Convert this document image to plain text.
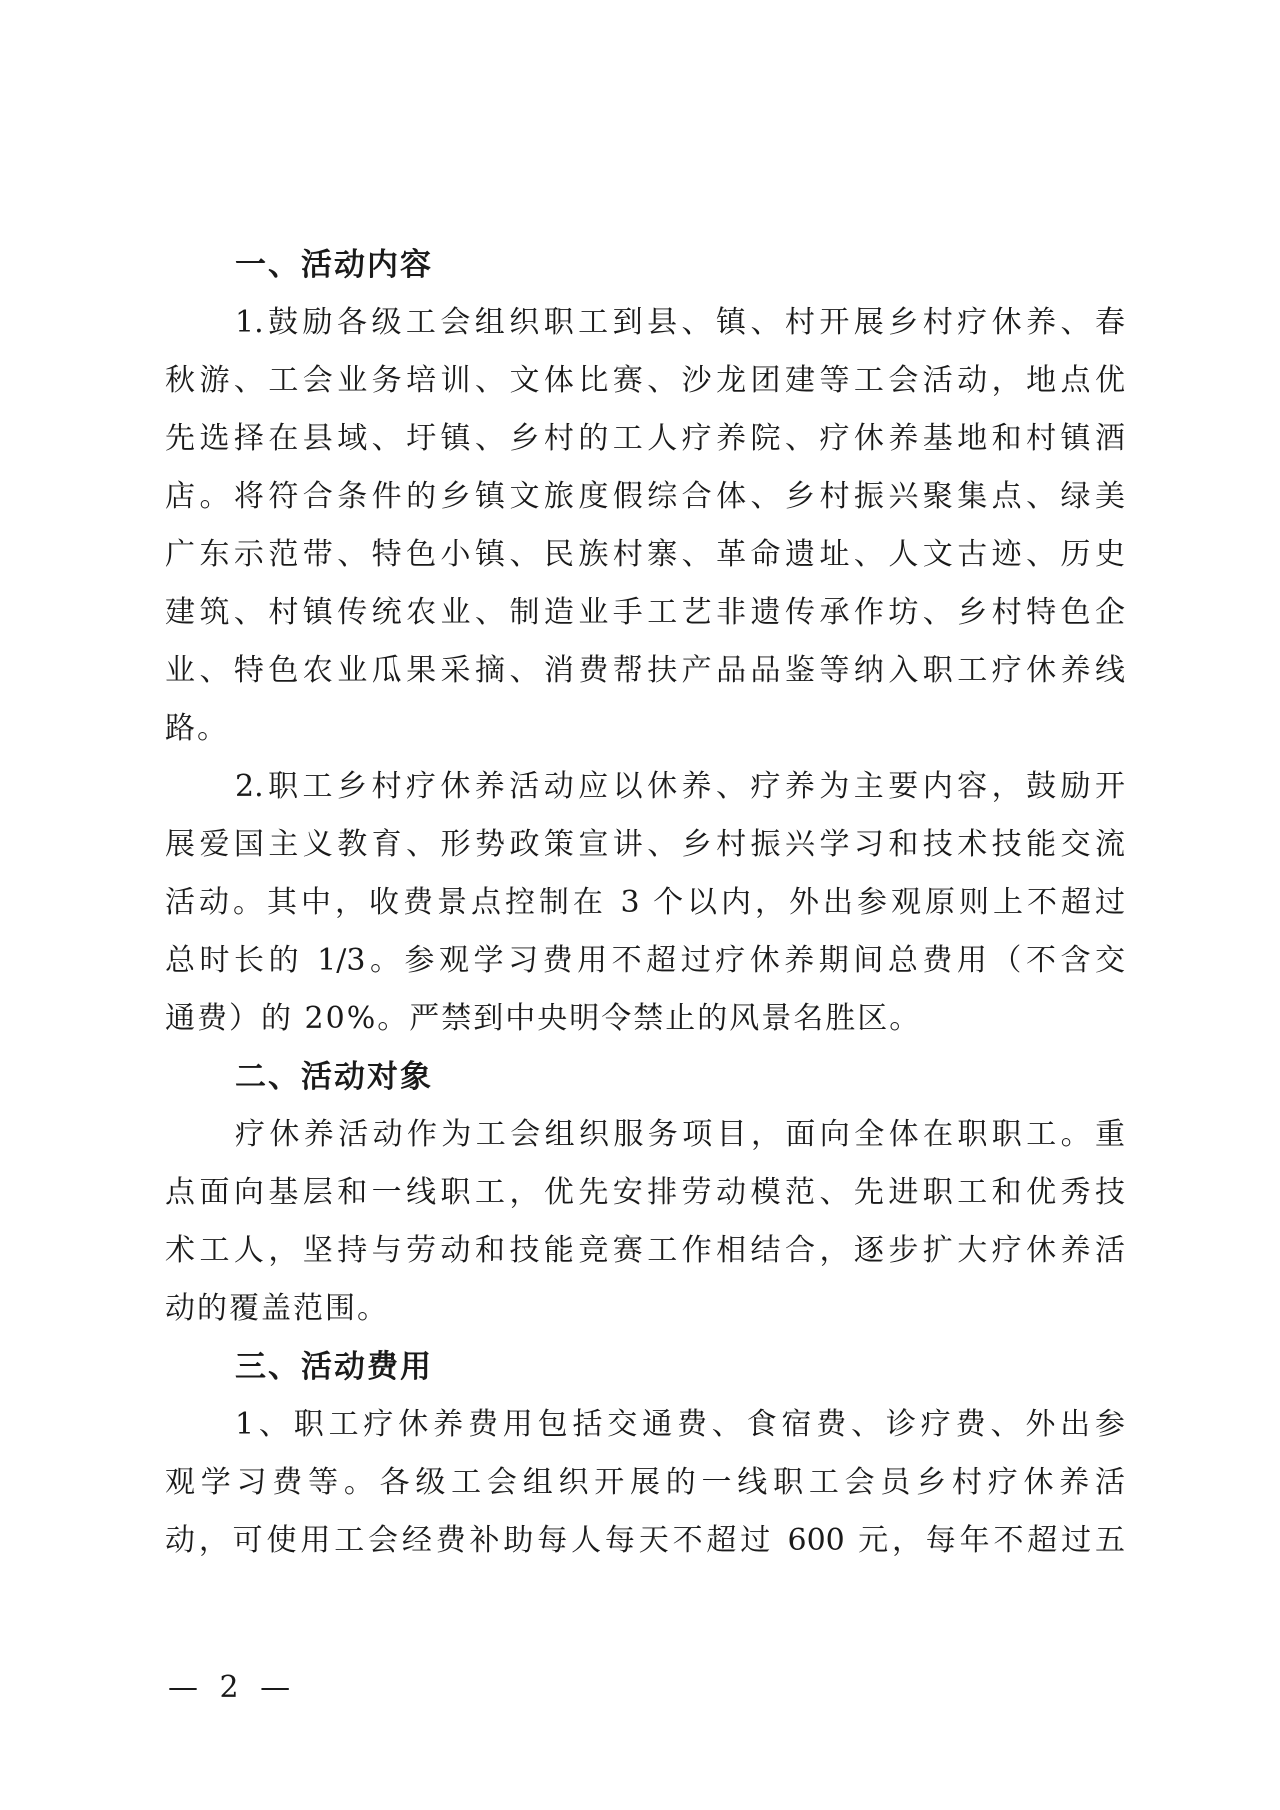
一、活动内容
1.鼓励各级工会组织职工到县、镇、村开展乡村疗休养、春
秋游、工会业务培训、文体比赛、沙龙团建等工会活动，地点优
先选择在县域、圩镇、乡村的工人疗养院、疗休养基地和村镇酒
店。将符合条件的乡镇文旅度假综合体、乡村振兴聚集点、绿美
广东示范带、特色小镇、民族村寨、革命遗址、人文古迹、历史
建筑、村镇传统农业、制造业手工艺非遗传承作坊、乡村特色企
业、特色农业瓜果采摘、消费帮扶产品品鉴等纳入职工疗休养线
路。
2.职工乡村疗休养活动应以休养、疗养为主要内容，鼓励开
展爱国主义教育、形势政策宣讲、乡村振兴学习和技术技能交流
活动。其中，收费景点控制在 3 个以内，外出参观原则上不超过
总时长的 1/3。参观学习费用不超过疗休养期间总费用（不含交
通费）的 20%。严禁到中央明令禁止的风景名胜区。
二、活动对象
疗休养活动作为工会组织服务项目，面向全体在职职工。重
点面向基层和一线职工，优先安排劳动模范、先进职工和优秀技
术工人，坚持与劳动和技能竞赛工作相结合，逐步扩大疗休养活
动的覆盖范围。
三、活动费用
1、职工疗休养费用包括交通费、食宿费、诊疗费、外出参
观学习费等。各级工会组织开展的一线职工会员乡村疗休养活
动，可使用工会经费补助每人每天不超过 600 元，每年不超过五
— 2 —
